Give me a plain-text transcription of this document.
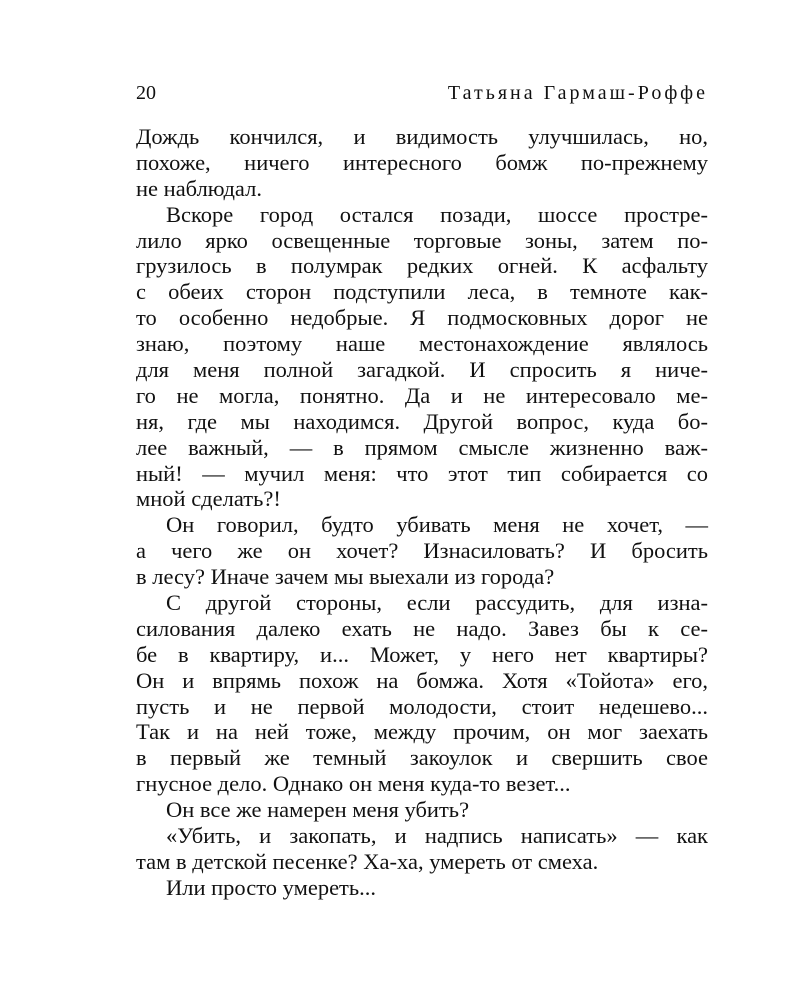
20	Татьяна Гармаш-Роффе
Дождь кончился, и видимость улучшилась, но,
похоже, ничего интересного бомж по-прежнему
не наблюдал.
Вскоре город остался позади, шоссе простре-
лило ярко освещенные торговые зоны, затем по-
грузилось в полумрак редких огней. К асфальту
с обеих сторон подступили леса, в темноте как-
то особенно недобрые. Я подмосковных дорог не
знаю, поэтому наше местонахождение являлось
для меня полной загадкой. И спросить я ниче-
го не могла, понятно. Да и не интересовало ме-
ня, где мы находимся. Другой вопрос, куда бо-
лее важный, — в прямом смысле жизненно важ-
ный! — мучил меня: что этот тип собирается со
мной сделать?!
Он говорил, будто убивать меня не хочет, —
а чего же он хочет? Изнасиловать? И бросить
в лесу? Иначе зачем мы выехали из города?
С другой стороны, если рассудить, для изна-
силования далеко ехать не надо. Завез бы к се-
бе в квартиру, и... Может, у него нет квартиры?
Он и впрямь похож на бомжа. Хотя «Тойота» его,
пусть и не первой молодости, стоит недешево...
Так и на ней тоже, между прочим, он мог заехать
в первый же темный закоулок и свершить свое
гнусное дело. Однако он меня куда-то везет...
Он все же намерен меня убить?
«Убить, и закопать, и надпись написать» — как
там в детской песенке? Ха-ха, умереть от смеха.
Или просто умереть...
